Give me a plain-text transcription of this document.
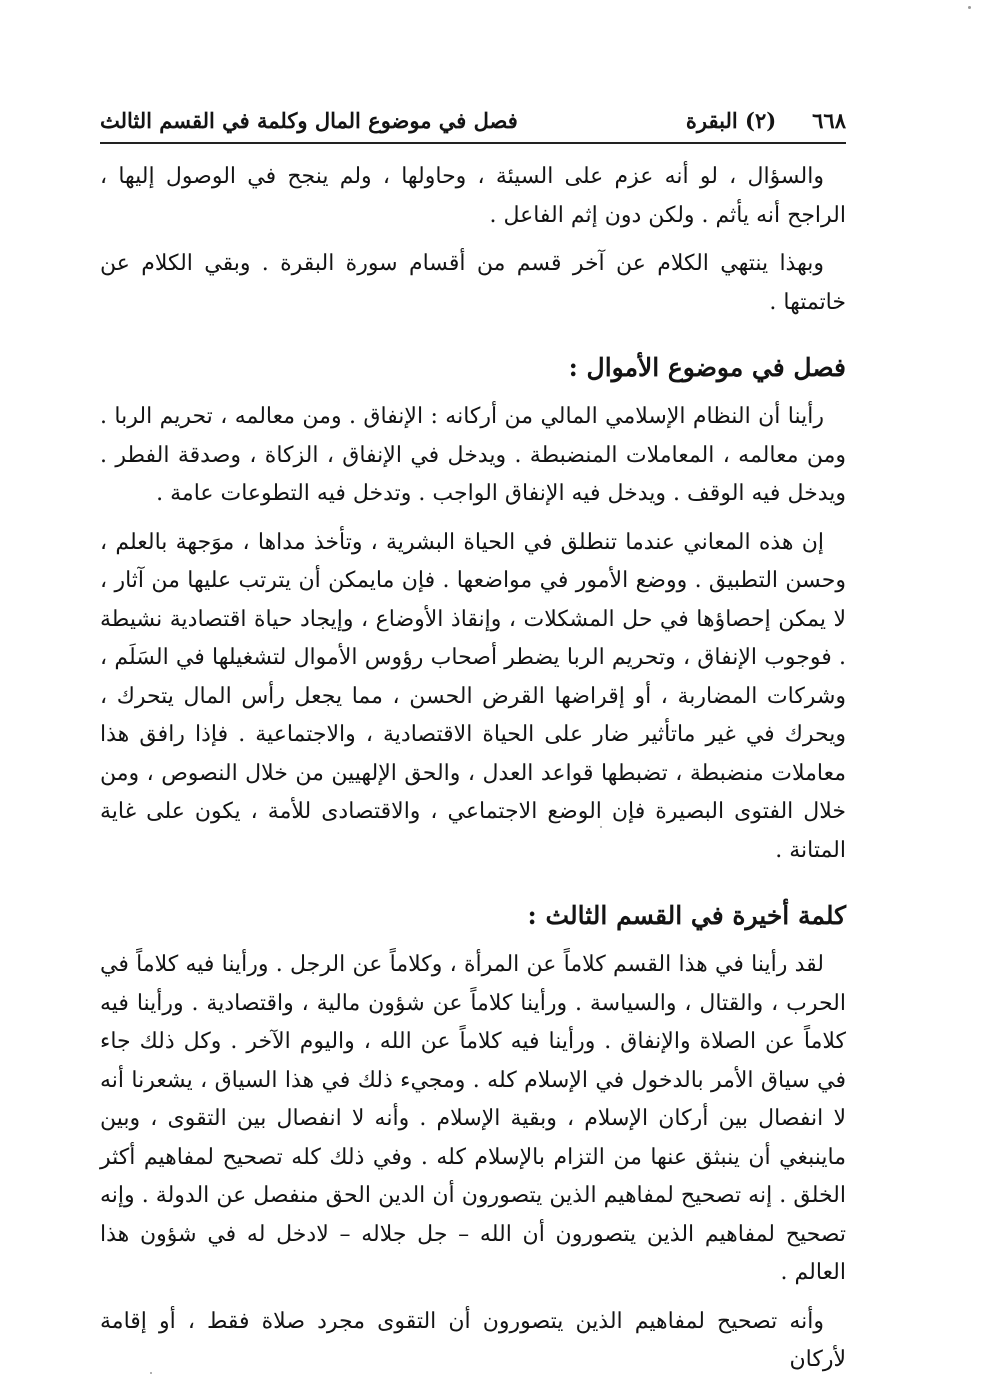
٦٦٨
(٢) البقرة
فصل في موضوع المال وكلمة في القسم الثالث

والسؤال ، لو أنه عزم على السيئة ، وحاولها ، ولم ينجح في الوصول إليها ، الراجح أنه يأثم . ولكن دون إثم الفاعل .

وبهذا ينتهي الكلام عن آخر قسم من أقسام سورة البقرة . وبقي الكلام عن خاتمتها .

فصل في موضوع الأموال :

رأينا أن النظام الإسلامي المالي من أركانه : الإنفاق . ومن معالمه ، تحريم الربا . ومن معالمه ، المعاملات المنضبطة . ويدخل في الإنفاق ، الزكاة ، وصدقة الفطر . ويدخل فيه الوقف . ويدخل فيه الإنفاق الواجب . وتدخل فيه التطوعات عامة .

إن هذه المعاني عندما تنطلق في الحياة البشرية ، وتأخذ مداها ، موَجهة بالعلم ، وحسن التطبيق . ووضع الأمور في مواضعها . فإن مايمكن أن يترتب عليها من آثار ، لا يمكن إحصاؤها في حل المشكلات ، وإنقاذ الأوضاع ، وإيجاد حياة اقتصادية نشيطة . فوجوب الإنفاق ، وتحريم الربا يضطر أصحاب رؤوس الأموال لتشغيلها في السَلَم ، وشركات المضاربة ، أو إقراضها القرض الحسن ، مما يجعل رأس المال يتحرك ، ويحرك في غير ماتأثير ضار على الحياة الاقتصادية ، والاجتماعية . فإذا رافق هذا معاملات منضبطة ، تضبطها قواعد العدل ، والحق الإلهيين من خلال النصوص ، ومن خلال الفتوى البصيرة فإن الوضع الاجتماعي ، والاقتصادى للأمة ، يكون على غاية المتانة .

كلمة أخيرة في القسم الثالث :

لقد رأينا في هذا القسم كلاماً عن المرأة ، وكلاماً عن الرجل . ورأينا فيه كلاماً في الحرب ، والقتال ، والسياسة . ورأينا كلاماً عن شؤون مالية ، واقتصادية . ورأينا فيه كلاماً عن الصلاة والإنفاق . ورأينا فيه كلاماً عن الله ، واليوم الآخر . وكل ذلك جاء في سياق الأمر بالدخول في الإسلام كله . ومجيء ذلك في هذا السياق ، يشعرنا أنه لا انفصال بين أركان الإسلام ، وبقية الإسلام . وأنه لا انفصال بين التقوى ، وبين ماينبغي أن ينبثق عنها من التزام بالإسلام كله . وفي ذلك كله تصحيح لمفاهيم أكثر الخلق . إنه تصحيح لمفاهيم الذين يتصورون أن الدين الحق منفصل عن الدولة . وإنه تصحيح لمفاهيم الذين يتصورون أن الله – جل جلاله – لادخل له في شؤون هذا العالم .

وأنه تصحيح لمفاهيم الذين يتصورون أن التقوى مجرد صلاة فقط ، أو إقامة لأركان
